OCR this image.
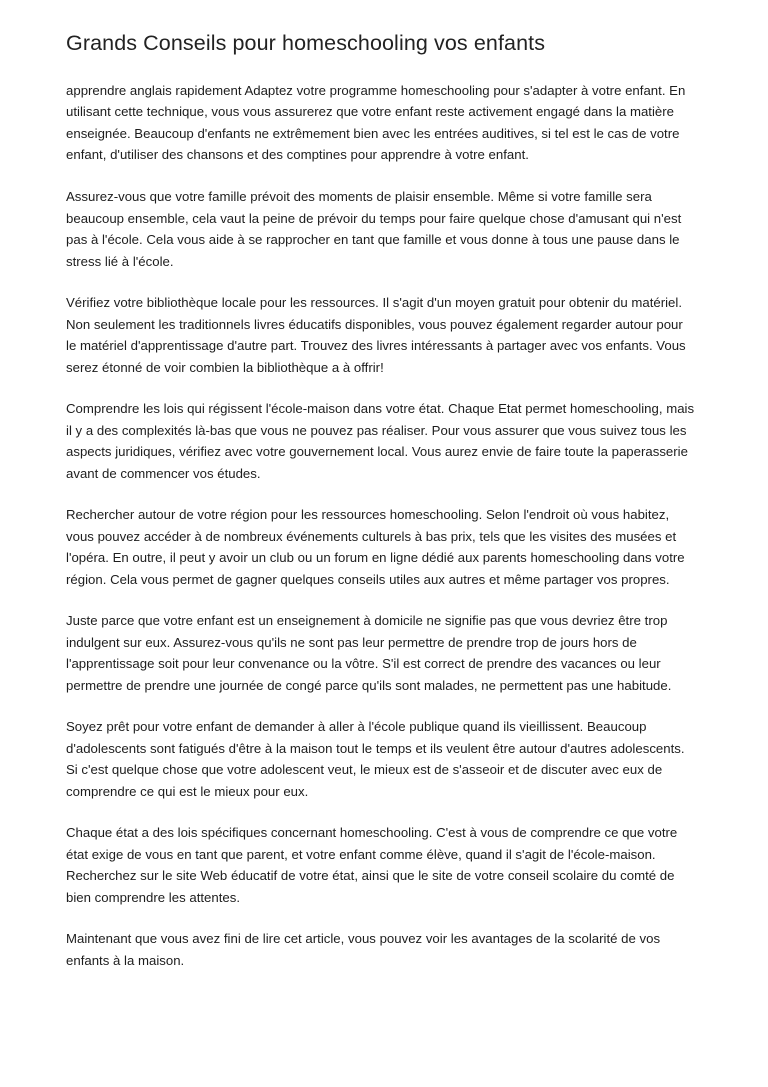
Grands Conseils pour homeschooling vos enfants

apprendre anglais rapidement Adaptez votre programme homeschooling pour s'adapter à votre enfant. En utilisant cette technique, vous vous assurerez que votre enfant reste activement engagé dans la matière enseignée. Beaucoup d'enfants ne extrêmement bien avec les entrées auditives, si tel est le cas de votre enfant, d'utiliser des chansons et des comptines pour apprendre à votre enfant.

Assurez-vous que votre famille prévoit des moments de plaisir ensemble. Même si votre famille sera beaucoup ensemble, cela vaut la peine de prévoir du temps pour faire quelque chose d'amusant qui n'est pas à l'école. Cela vous aide à se rapprocher en tant que famille et vous donne à tous une pause dans le stress lié à l'école.

Vérifiez votre bibliothèque locale pour les ressources. Il s'agit d'un moyen gratuit pour obtenir du matériel. Non seulement les traditionnels livres éducatifs disponibles, vous pouvez également regarder autour pour le matériel d'apprentissage d'autre part. Trouvez des livres intéressants à partager avec vos enfants. Vous serez étonné de voir combien la bibliothèque a à offrir!

Comprendre les lois qui régissent l'école-maison dans votre état. Chaque Etat permet homeschooling, mais il y a des complexités là-bas que vous ne pouvez pas réaliser. Pour vous assurer que vous suivez tous les aspects juridiques, vérifiez avec votre gouvernement local. Vous aurez envie de faire toute la paperasserie avant de commencer vos études.

Rechercher autour de votre région pour les ressources homeschooling. Selon l'endroit où vous habitez, vous pouvez accéder à de nombreux événements culturels à bas prix, tels que les visites des musées et l'opéra. En outre, il peut y avoir un club ou un forum en ligne dédié aux parents homeschooling dans votre région. Cela vous permet de gagner quelques conseils utiles aux autres et même partager vos propres.

Juste parce que votre enfant est un enseignement à domicile ne signifie pas que vous devriez être trop indulgent sur eux. Assurez-vous qu'ils ne sont pas leur permettre de prendre trop de jours hors de l'apprentissage soit pour leur convenance ou la vôtre. S'il est correct de prendre des vacances ou leur permettre de prendre une journée de congé parce qu'ils sont malades, ne permettent pas une habitude.

Soyez prêt pour votre enfant de demander à aller à l'école publique quand ils vieillissent. Beaucoup d'adolescents sont fatigués d'être à la maison tout le temps et ils veulent être autour d'autres adolescents. Si c'est quelque chose que votre adolescent veut, le mieux est de s'asseoir et de discuter avec eux de comprendre ce qui est le mieux pour eux.

Chaque état a des lois spécifiques concernant homeschooling. C'est à vous de comprendre ce que votre état exige de vous en tant que parent, et votre enfant comme élève, quand il s'agit de l'école-maison. Recherchez sur le site Web éducatif de votre état, ainsi que le site de votre conseil scolaire du comté de bien comprendre les attentes.

Maintenant que vous avez fini de lire cet article, vous pouvez voir les avantages de la scolarité de vos enfants à la maison.
